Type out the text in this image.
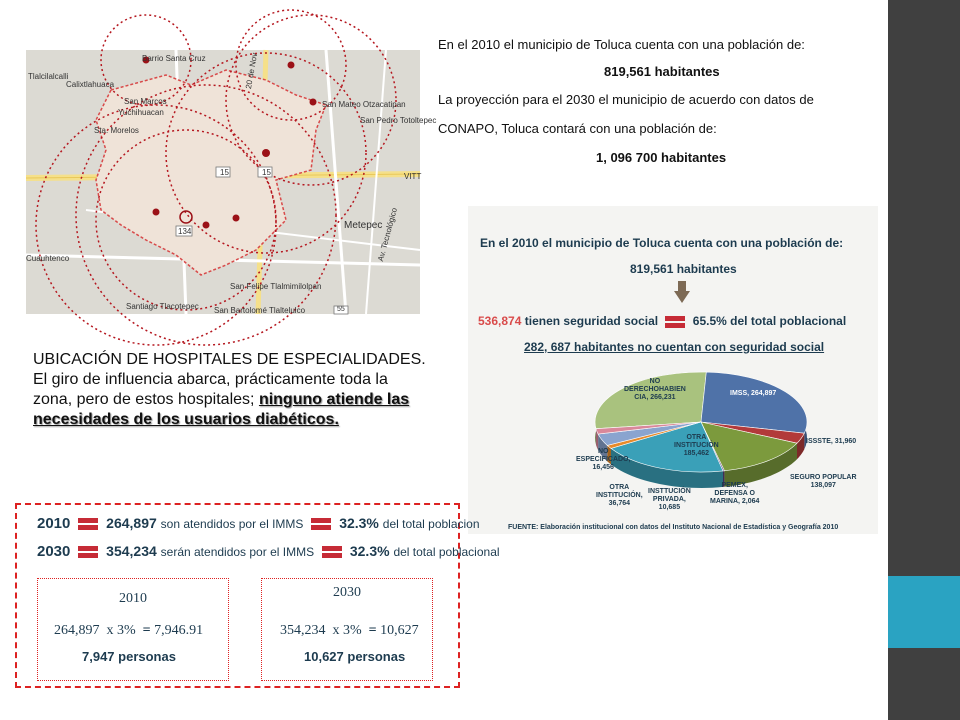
Barrio Santa Cruz
Tlalcilalcalli
Calixtlahuaca
San Marcos
Yuchihuacan
Sta. Morelos
San Mateo Otzacatipan
San Pedro Totoltepec
VITT
Metepec
Cuauhtenco
Santiago Tlacotepec San Bartolomé Tlaltelulco
San Felipe Tlalmimilolpan
Av. Tecnológico
20 de Nov
15	15
134
55
En el 2010 el municipio de Toluca cuenta con una población de:
819,561 habitantes
La proyección para el 2030 el municipio de acuerdo con datos de
CONAPO, Toluca contará con una población de:
1, 096 700 habitantes
UBICACIÓN DE HOSPITALES DE ESPECIALIDADES.
El giro de influencia abarca, prácticamente toda la zona, pero de estos hospitales; ninguno atiende las necesidades de los usuarios diabéticos.
En el 2010 el municipio de Toluca cuenta con una población de:
819,561 habitantes
536,874 tienen seguridad social	65.5% del total poblacional
282, 687 habitantes no cuentan con seguridad social
NO
DERECHOHABIEN
CIA, 266,231
IMSS, 264,897
OTRA
INSTITUCIÓN
185,462
ISSSTE, 31,960
SEGURO POPULAR
138,097
PEMEX,
DEFENSA O
MARINA, 2,064
INSTTUCIÓN
PRIVADA,
10,685
OTRA
INSTITUCIÓN,
36,764
NO
ESPECIFICADO,
16,456
FUENTE: Elaboración institucional con datos del Instituto Nacional de Estadística y Geografía 2010
2010	264,897 son atendidos por el IMMS	32.3% del total poblacion
2030	354,234 serán atendidos por el IMMS	32.3% del total poblacional
2010
264,897 x 3% = 7,946.91
7,947 personas
2030
354,234 x 3% = 10,627
10,627 personas
